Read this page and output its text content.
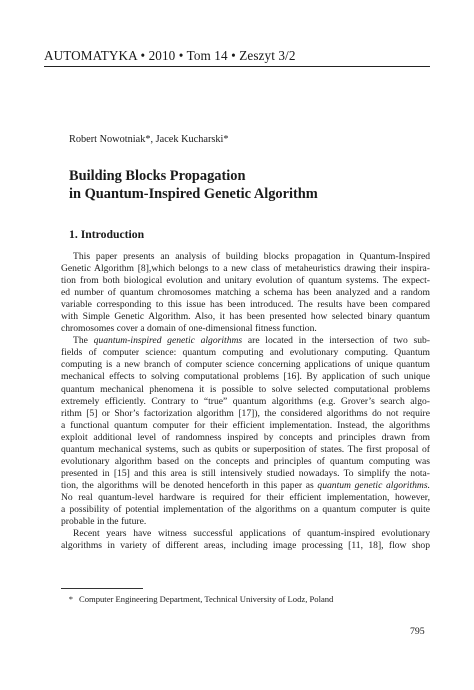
AUTOMATYKA • 2010 • Tom 14 • Zeszyt 3/2
Robert Nowotniak*, Jacek Kucharski*
Building Blocks Propagation
in Quantum-Inspired Genetic Algorithm
1. Introduction

This paper presents an analysis of building blocks propagation in Quantum-Inspired
Genetic Algorithm [8],which belongs to a new class of metaheuristics drawing their inspira-
tion from both biological evolution and unitary evolution of quantum systems. The expect-
ed number of quantum chromosomes matching a schema has been analyzed and a random
variable corresponding to this issue has been introduced. The results have been compared
with Simple Genetic Algorithm. Also, it has been presented how selected binary quantum
chromosomes cover a domain of one-dimensional fitness function.

The quantum-inspired genetic algorithms are located in the intersection of two sub-
fields of computer science: quantum computing and evolutionary computing. Quantum
computing is a new branch of computer science concerning applications of unique quantum
mechanical effects to solving computational problems [16]. By application of such unique
quantum mechanical phenomena it is possible to solve selected computational problems
extremely efficiently. Contrary to “true” quantum algorithms (e.g. Grover’s search algo-
rithm [5] or Shor’s factorization algorithm [17]), the considered algorithms do not require
a functional quantum computer for their efficient implementation. Instead, the algorithms
exploit additional level of randomness inspired by concepts and principles drawn from
quantum mechanical systems, such as qubits or superposition of states. The first proposal of
evolutionary algorithm based on the concepts and principles of quantum computing was
presented in [15] and this area is still intensively studied nowadays. To simplify the nota-
tion, the algorithms will be denoted henceforth in this paper as quantum genetic algorithms.
No real quantum-level hardware is required for their efficient implementation, however,
a possibility of potential implementation of the algorithms on a quantum computer is quite
probable in the future.

Recent years have witness successful applications of quantum-inspired evolutionary
algorithms in variety of different areas, including image processing [11, 18], flow shop

* Computer Engineering Department, Technical University of Lodz, Poland
795
